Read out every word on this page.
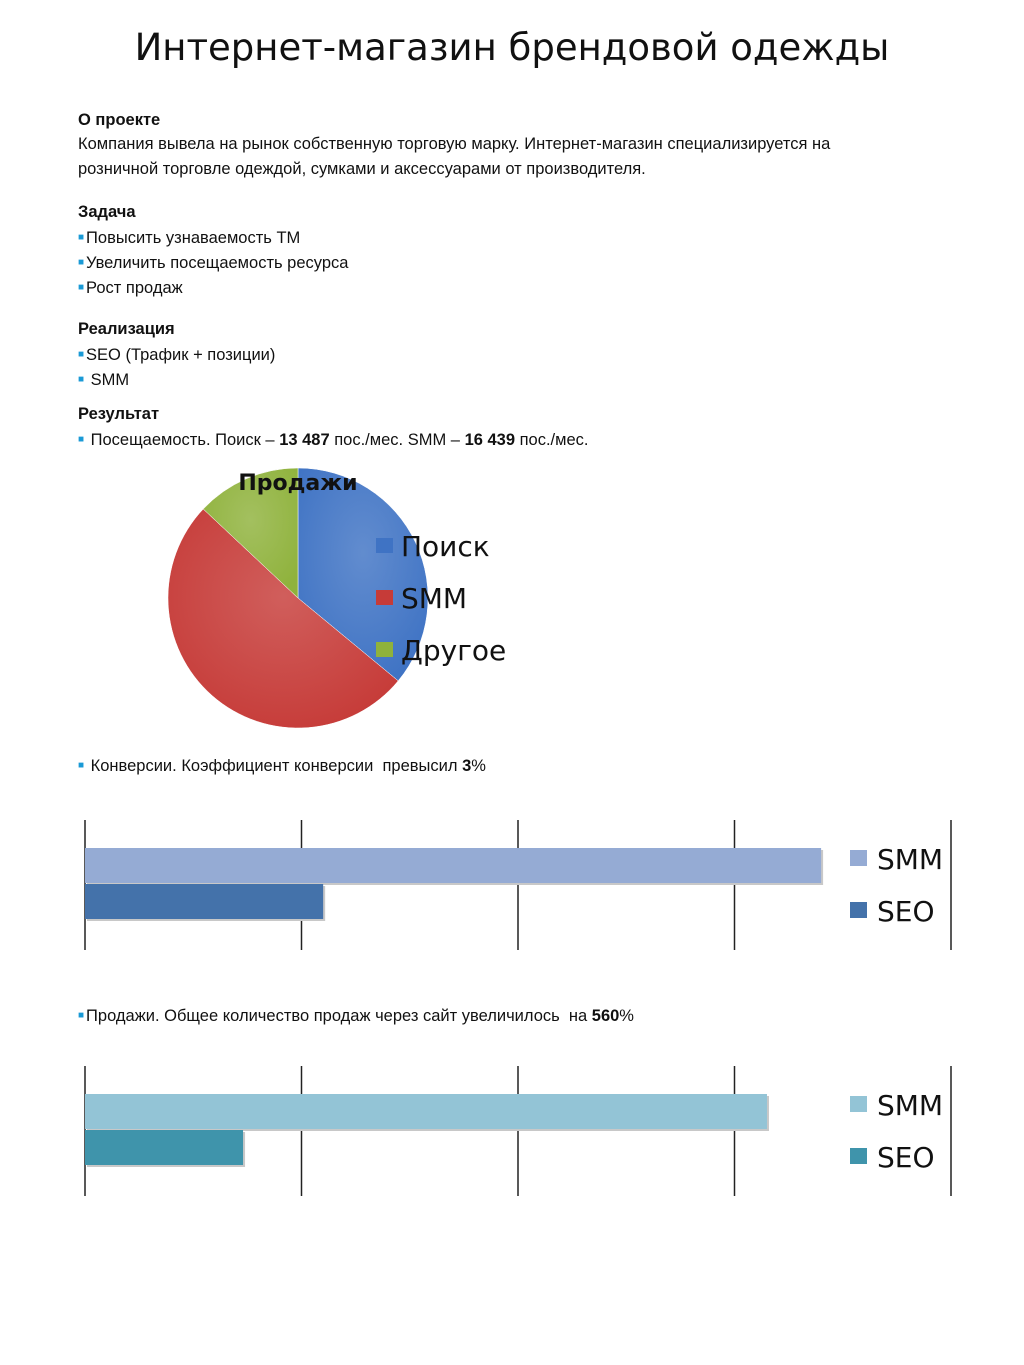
Интернет-магазин брендовой одежды
О проекте
Компания вывела на рынок собственную торговую марку. Интернет-магазин специализируется на
розничной торговле одеждой, сумками и аксессуарами от производителя.
Задача
■ Повысить узнаваемость ТМ
■ Увеличить посещаемость ресурса
■ Рост продаж
Реализация
■ SEO (Трафик + позиции)
■ SMM
Результат
■ Посещаемость. Поиск – 13 487 пос./мес. SMM – 16 439 пос./мес.
Продажи
Поиск
SMM
Другое
■ Конверсии. Коэффициент конверсии  превысил 3%
SMM
SEO
■ Продажи. Общее количество продаж через сайт увеличилось  на 560%
SMM
SEO
